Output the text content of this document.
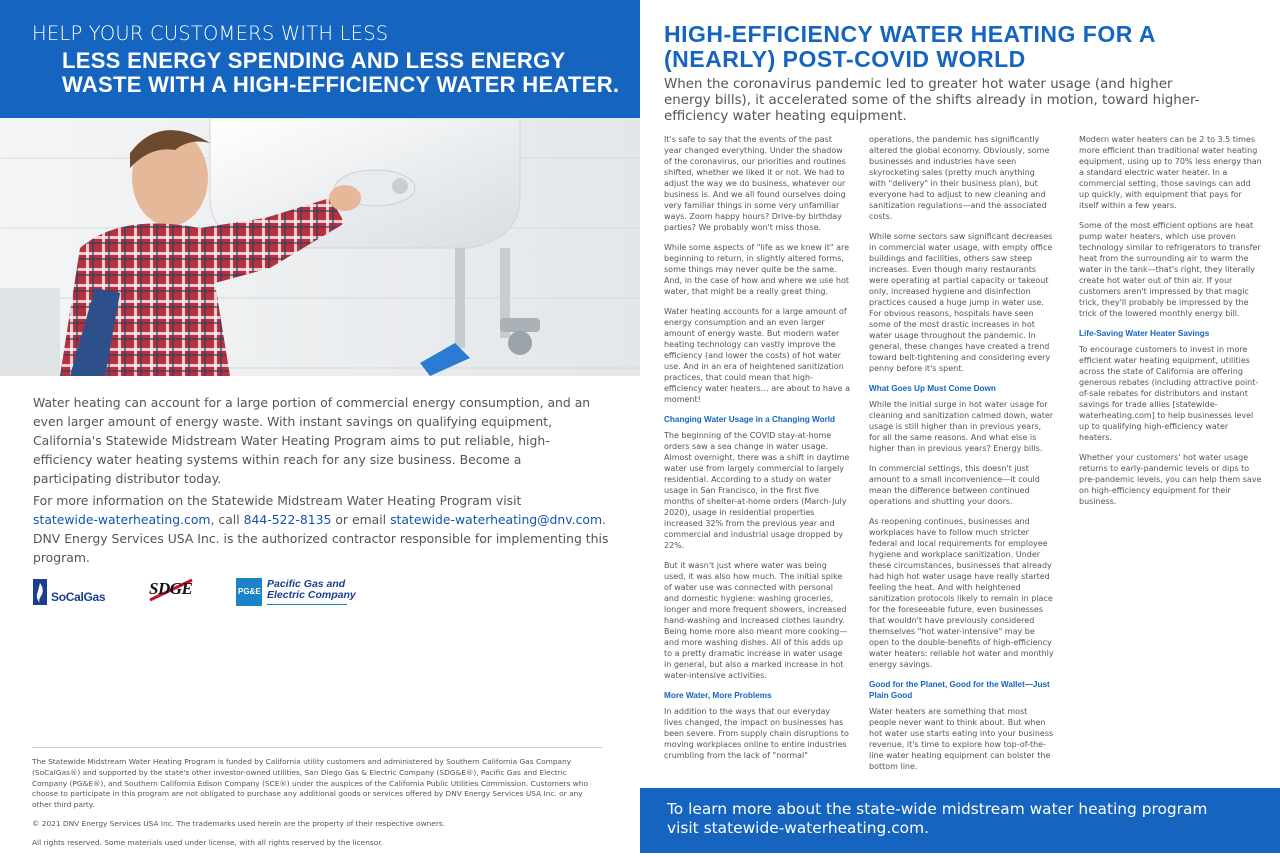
HELP YOUR CUSTOMERS WITH LESS
LESS ENERGY SPENDING AND LESS ENERGY WASTE WITH A HIGH-EFFICIENCY WATER HEATER.
Water heating can account for a large portion of commercial energy consumption, and an even larger amount of energy waste. With instant savings on qualifying equipment, California's Statewide Midstream Water Heating Program aims to put reliable, high-efficiency water heating systems within reach for any size business. Become a participating distributor today.
For more information on the Statewide Midstream Water Heating Program visit
statewide-waterheating.com, call 844-522-8135 or email statewide-waterheating@dnv.com.
DNV Energy Services USA Inc. is the authorized contractor responsible for implementing this program.
SoCalGas	SDGE	PG&E
Pacific Gas and
Electric Company

The Statewide Midstream Water Heating Program is funded by California utility customers and administered by Southern California Gas Company (SoCalGas®) and supported by the state's other investor-owned utilities, San Diego Gas & Electric Company (SDG&E®), Pacific Gas and Electric Company (PG&E®), and Southern California Edison Company (SCE®) under the auspices of the California Public Utilities Commission. Customers who choose to participate in this program are not obligated to purchase any additional goods or services offered by DNV Energy Services USA Inc. or any other third party.

© 2021 DNV Energy Services USA Inc. The trademarks used herein are the property of their respective owners.

All rights reserved. Some materials used under license, with all rights reserved by the licensor.

HIGH-EFFICIENCY WATER HEATING FOR A (NEARLY) POST-COVID WORLD
When the coronavirus pandemic led to greater hot water usage (and higher energy bills), it accelerated some of the shifts already in motion, toward higher-efficiency water heating equipment.

It's safe to say that the events of the past year changed everything. Under the shadow of the coronavirus, our priorities and routines shifted, whether we liked it or not. We had to adjust the way we do business, whatever our business is. And we all found ourselves doing very familiar things in some very unfamiliar ways. Zoom happy hours? Drive-by birthday parties? We probably won't miss those.

While some aspects of "life as we knew it" are beginning to return, in slightly altered forms, some things may never quite be the same. And, in the case of how and where we use hot water, that might be a really great thing.

Water heating accounts for a large amount of energy consumption and an even larger amount of energy waste. But modern water heating technology can vastly improve the efficiency (and lower the costs) of hot water use. And in an era of heightened sanitization practices, that could mean that high-efficiency water heaters… are about to have a moment!

Changing Water Usage in a Changing World

The beginning of the COVID stay-at-home orders saw a sea change in water usage. Almost overnight, there was a shift in daytime water use from largely commercial to largely residential. According to a study on water usage in San Francisco, in the first five months of shelter-at-home orders (March-July 2020), usage in residential properties increased 32% from the previous year and commercial and industrial usage dropped by 22%.

But it wasn't just where water was being used, it was also how much. The initial spike of water use was connected with personal and domestic hygiene: washing groceries, longer and more frequent showers, increased hand-washing and increased clothes laundry. Being home more also meant more cooking—and more washing dishes. All of this adds up to a pretty dramatic increase in water usage in general, but also a marked increase in hot water-intensive activities.

More Water, More Problems

In addition to the ways that our everyday lives changed, the impact on businesses has been severe. From supply chain disruptions to moving workplaces online to entire industries crumbling from the lack of "normal"

operations, the pandemic has significantly altered the global economy. Obviously, some businesses and industries have seen skyrocketing sales (pretty much anything with "delivery" in their business plan), but everyone had to adjust to new cleaning and sanitization regulations—and the associated costs.

While some sectors saw significant decreases in commercial water usage, with empty office buildings and facilities, others saw steep increases. Even though many restaurants were operating at partial capacity or takeout only, increased hygiene and disinfection practices caused a huge jump in water use. For obvious reasons, hospitals have seen some of the most drastic increases in hot water usage throughout the pandemic. In general, these changes have created a trend toward belt-tightening and considering every penny before it's spent.

What Goes Up Must Come Down

While the initial surge in hot water usage for cleaning and sanitization calmed down, water usage is still higher than in previous years, for all the same reasons. And what else is higher than in previous years? Energy bills.

In commercial settings, this doesn't just amount to a small inconvenience—it could mean the difference between continued operations and shutting your doors.

As reopening continues, businesses and workplaces have to follow much stricter federal and local requirements for employee hygiene and workplace sanitization. Under these circumstances, businesses that already had high hot water usage have really started feeling the heat. And with heightened sanitization protocols likely to remain in place for the foreseeable future, even businesses that wouldn't have previously considered themselves "hot water-intensive" may be open to the double-benefits of high-efficiency water heaters: reliable hot water and monthly energy savings.

Good for the Planet, Good for the Wallet—Just Plain Good

Water heaters are something that most people never want to think about. But when hot water use starts eating into your business revenue, it's time to explore how top-of-the-line water heating equipment can bolster the bottom line.

Modern water heaters can be 2 to 3.5 times more efficient than traditional water heating equipment, using up to 70% less energy than a standard electric water heater. In a commercial setting, those savings can add up quickly, with equipment that pays for itself within a few years.

Some of the most efficient options are heat pump water heaters, which use proven technology similar to refrigerators to transfer heat from the surrounding air to warm the water in the tank—that's right, they literally create hot water out of thin air. If your customers aren't impressed by that magic trick, they'll probably be impressed by the trick of the lowered monthly energy bill.

Life-Saving Water Heater Savings

To encourage customers to invest in more efficient water heating equipment, utilities across the state of California are offering generous rebates (including attractive point-of-sale rebates for distributors and instant savings for trade allies [statewide-waterheating.com] to help businesses level up to qualifying high-efficiency water heaters.

Whether your customers' hot water usage returns to early-pandemic levels or dips to pre-pandemic levels, you can help them save on high-efficiency equipment for their business.

To learn more about the state-wide midstream water heating program visit statewide-waterheating.com.
